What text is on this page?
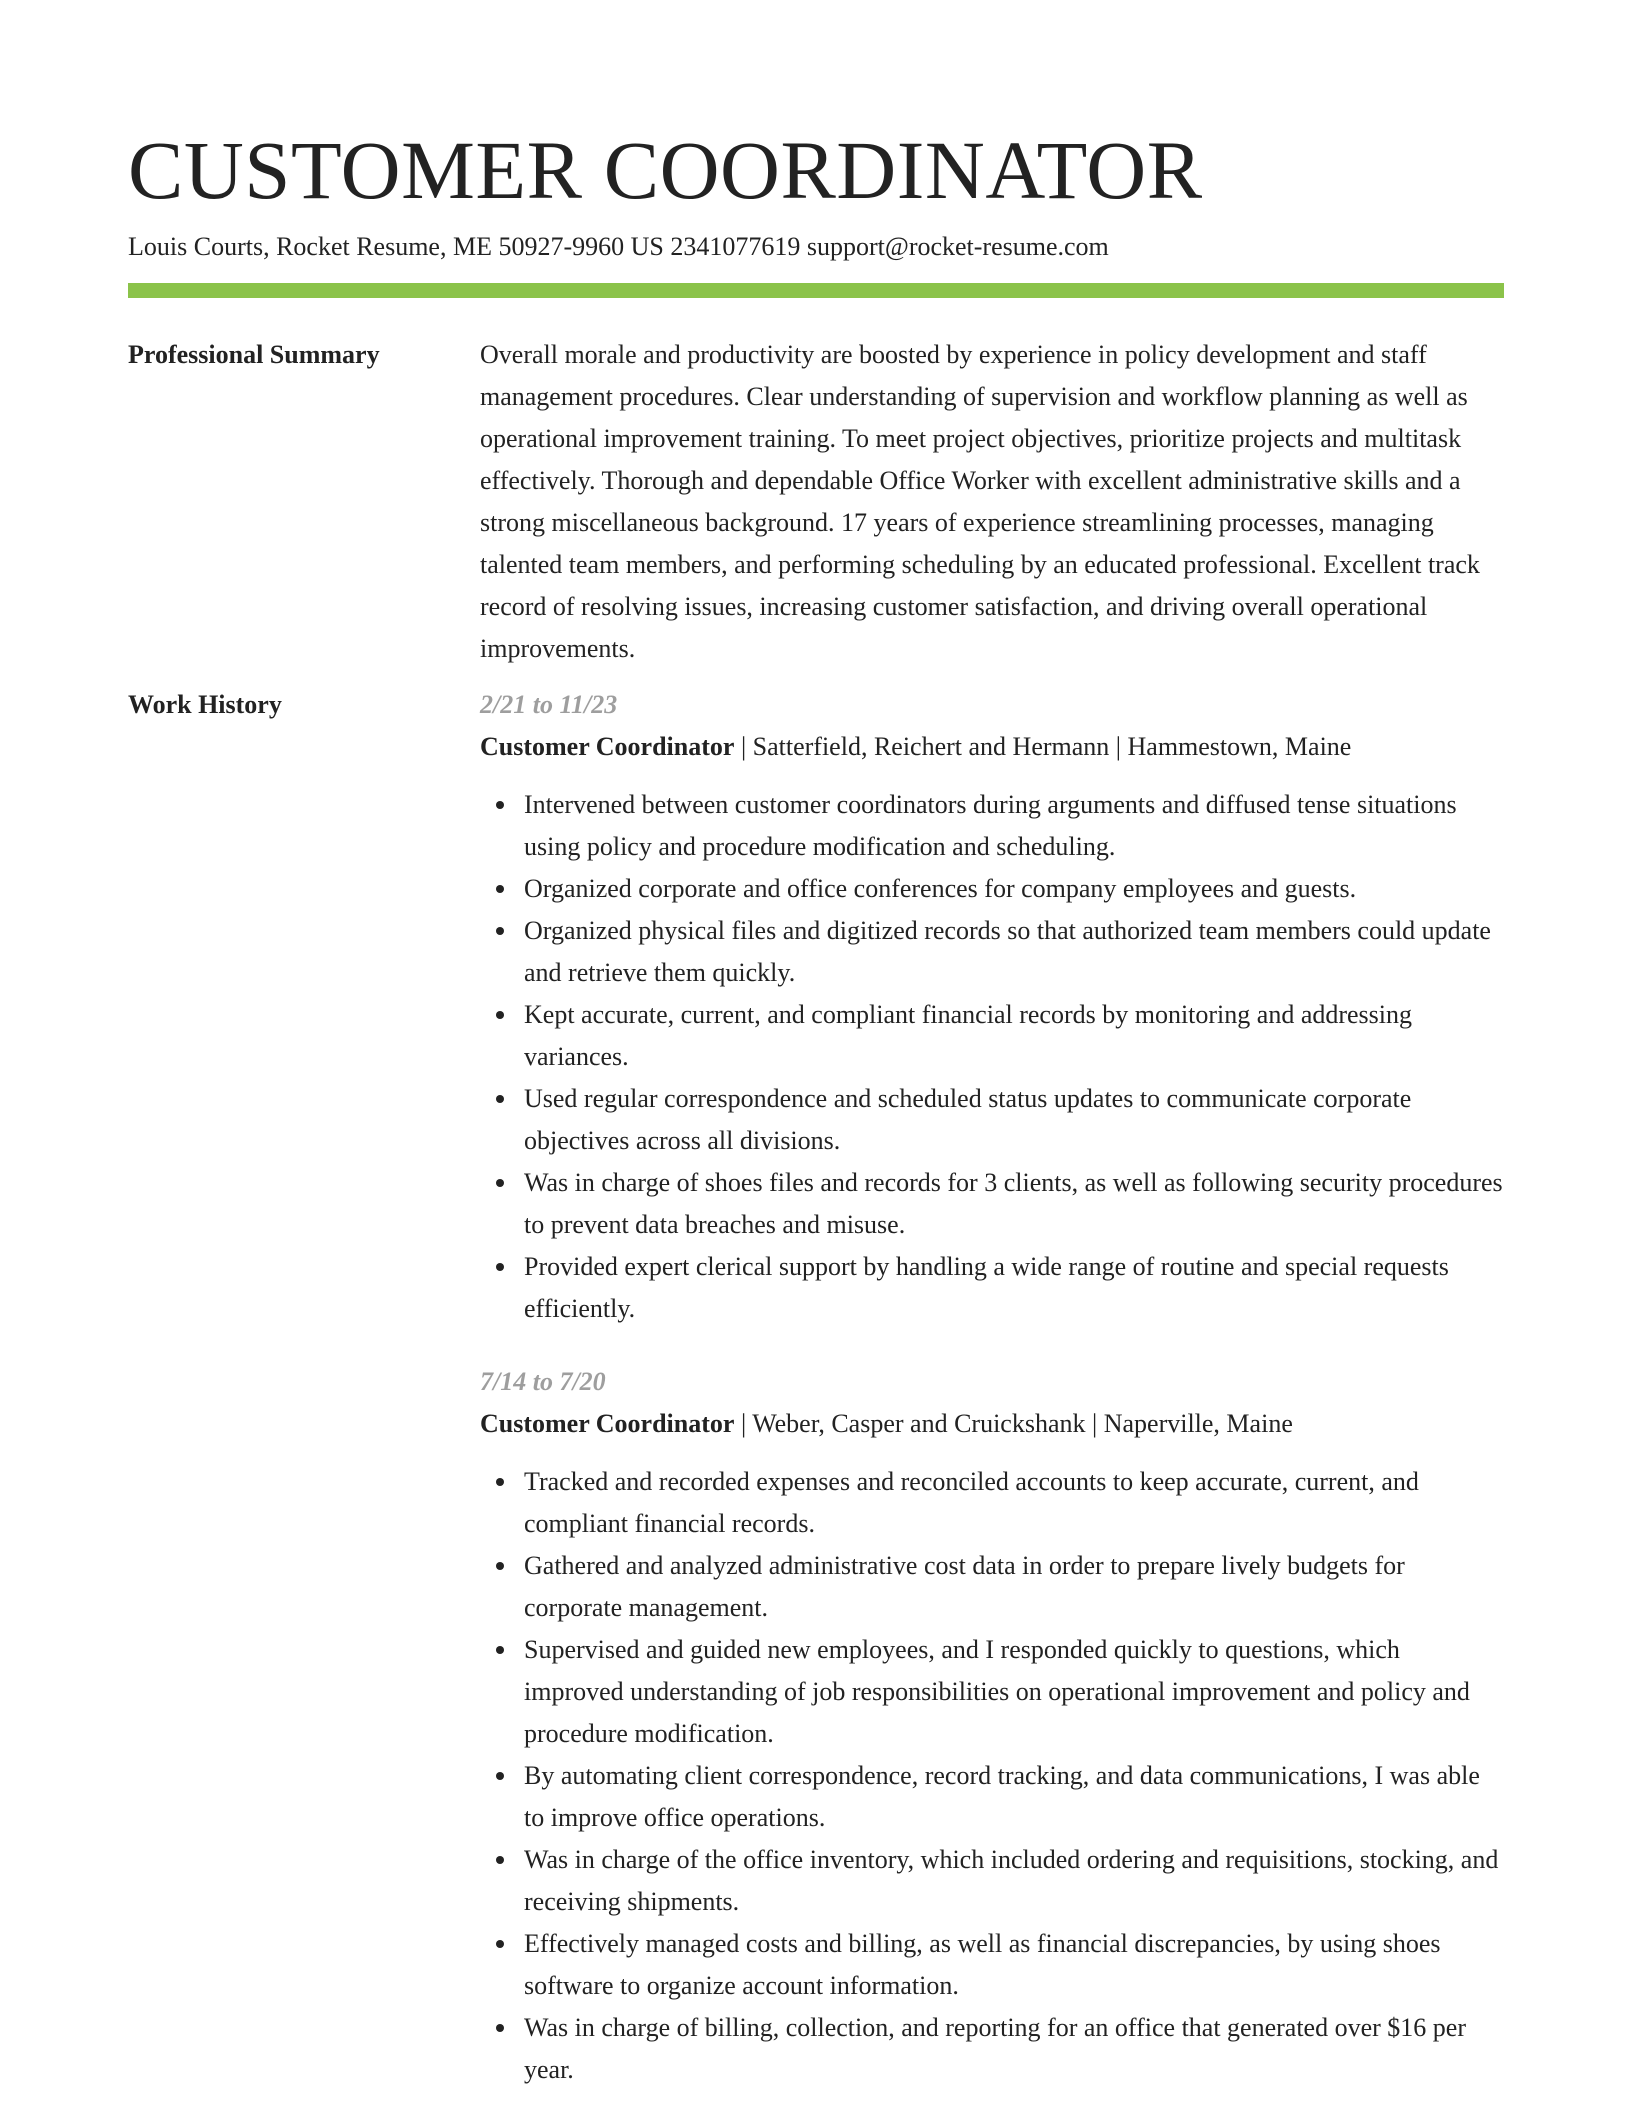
CUSTOMER COORDINATOR
Louis Courts, Rocket Resume, ME 50927-9960 US 2341077619 support@rocket-resume.com
Professional Summary	Overall morale and productivity are boosted by experience in policy development and staff management procedures. Clear understanding of supervision and workflow planning as well as operational improvement training. To meet project objectives, prioritize projects and multitask effectively. Thorough and dependable Office Worker with excellent administrative skills and a strong miscellaneous background. 17 years of experience streamlining processes, managing talented team members, and performing scheduling by an educated professional. Excellent track record of resolving issues, increasing customer satisfaction, and driving overall operational improvements.
Work History	2/21 to 11/23
Customer Coordinator | Satterfield, Reichert and Hermann | Hammestown, Maine
Intervened between customer coordinators during arguments and diffused tense situations using policy and procedure modification and scheduling.
Organized corporate and office conferences for company employees and guests.
Organized physical files and digitized records so that authorized team members could update and retrieve them quickly.
Kept accurate, current, and compliant financial records by monitoring and addressing variances.
Used regular correspondence and scheduled status updates to communicate corporate objectives across all divisions.
Was in charge of shoes files and records for 3 clients, as well as following security procedures to prevent data breaches and misuse.
Provided expert clerical support by handling a wide range of routine and special requests efficiently.
7/14 to 7/20
Customer Coordinator | Weber, Casper and Cruickshank | Naperville, Maine
Tracked and recorded expenses and reconciled accounts to keep accurate, current, and compliant financial records.
Gathered and analyzed administrative cost data in order to prepare lively budgets for corporate management.
Supervised and guided new employees, and I responded quickly to questions, which improved understanding of job responsibilities on operational improvement and policy and procedure modification.
By automating client correspondence, record tracking, and data communications, I was able to improve office operations.
Was in charge of the office inventory, which included ordering and requisitions, stocking, and receiving shipments.
Effectively managed costs and billing, as well as financial discrepancies, by using shoes software to organize account information.
Was in charge of billing, collection, and reporting for an office that generated over $16 per year.
